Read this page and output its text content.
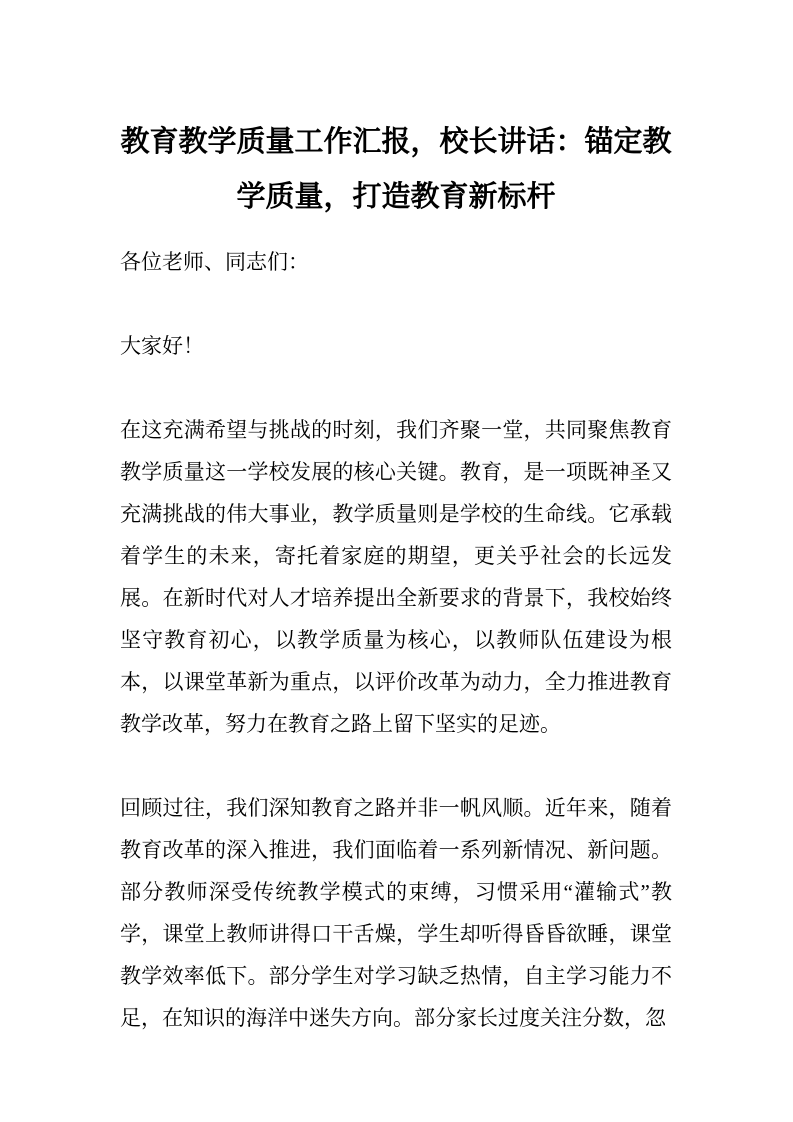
教育教学质量工作汇报，校长讲话：锚定教学质量，打造教育新标杆

各位老师、同志们：

大家好！

在这充满希望与挑战的时刻，我们齐聚一堂，共同聚焦教育教学质量这一学校发展的核心关键。教育，是一项既神圣又充满挑战的伟大事业，教学质量则是学校的生命线。它承载着学生的未来，寄托着家庭的期望，更关乎社会的长远发展。在新时代对人才培养提出全新要求的背景下，我校始终坚守教育初心，以教学质量为核心，以教师队伍建设为根本，以课堂革新为重点，以评价改革为动力，全力推进教育教学改革，努力在教育之路上留下坚实的足迹。

回顾过往，我们深知教育之路并非一帆风顺。近年来，随着教育改革的深入推进，我们面临着一系列新情况、新问题。部分教师深受传统教学模式的束缚，习惯采用“灌输式”教学，课堂上教师讲得口干舌燥，学生却听得昏昏欲睡，课堂教学效率低下。部分学生对学习缺乏热情，自主学习能力不足，在知识的海洋中迷失方向。部分家长过度关注分数，忽
